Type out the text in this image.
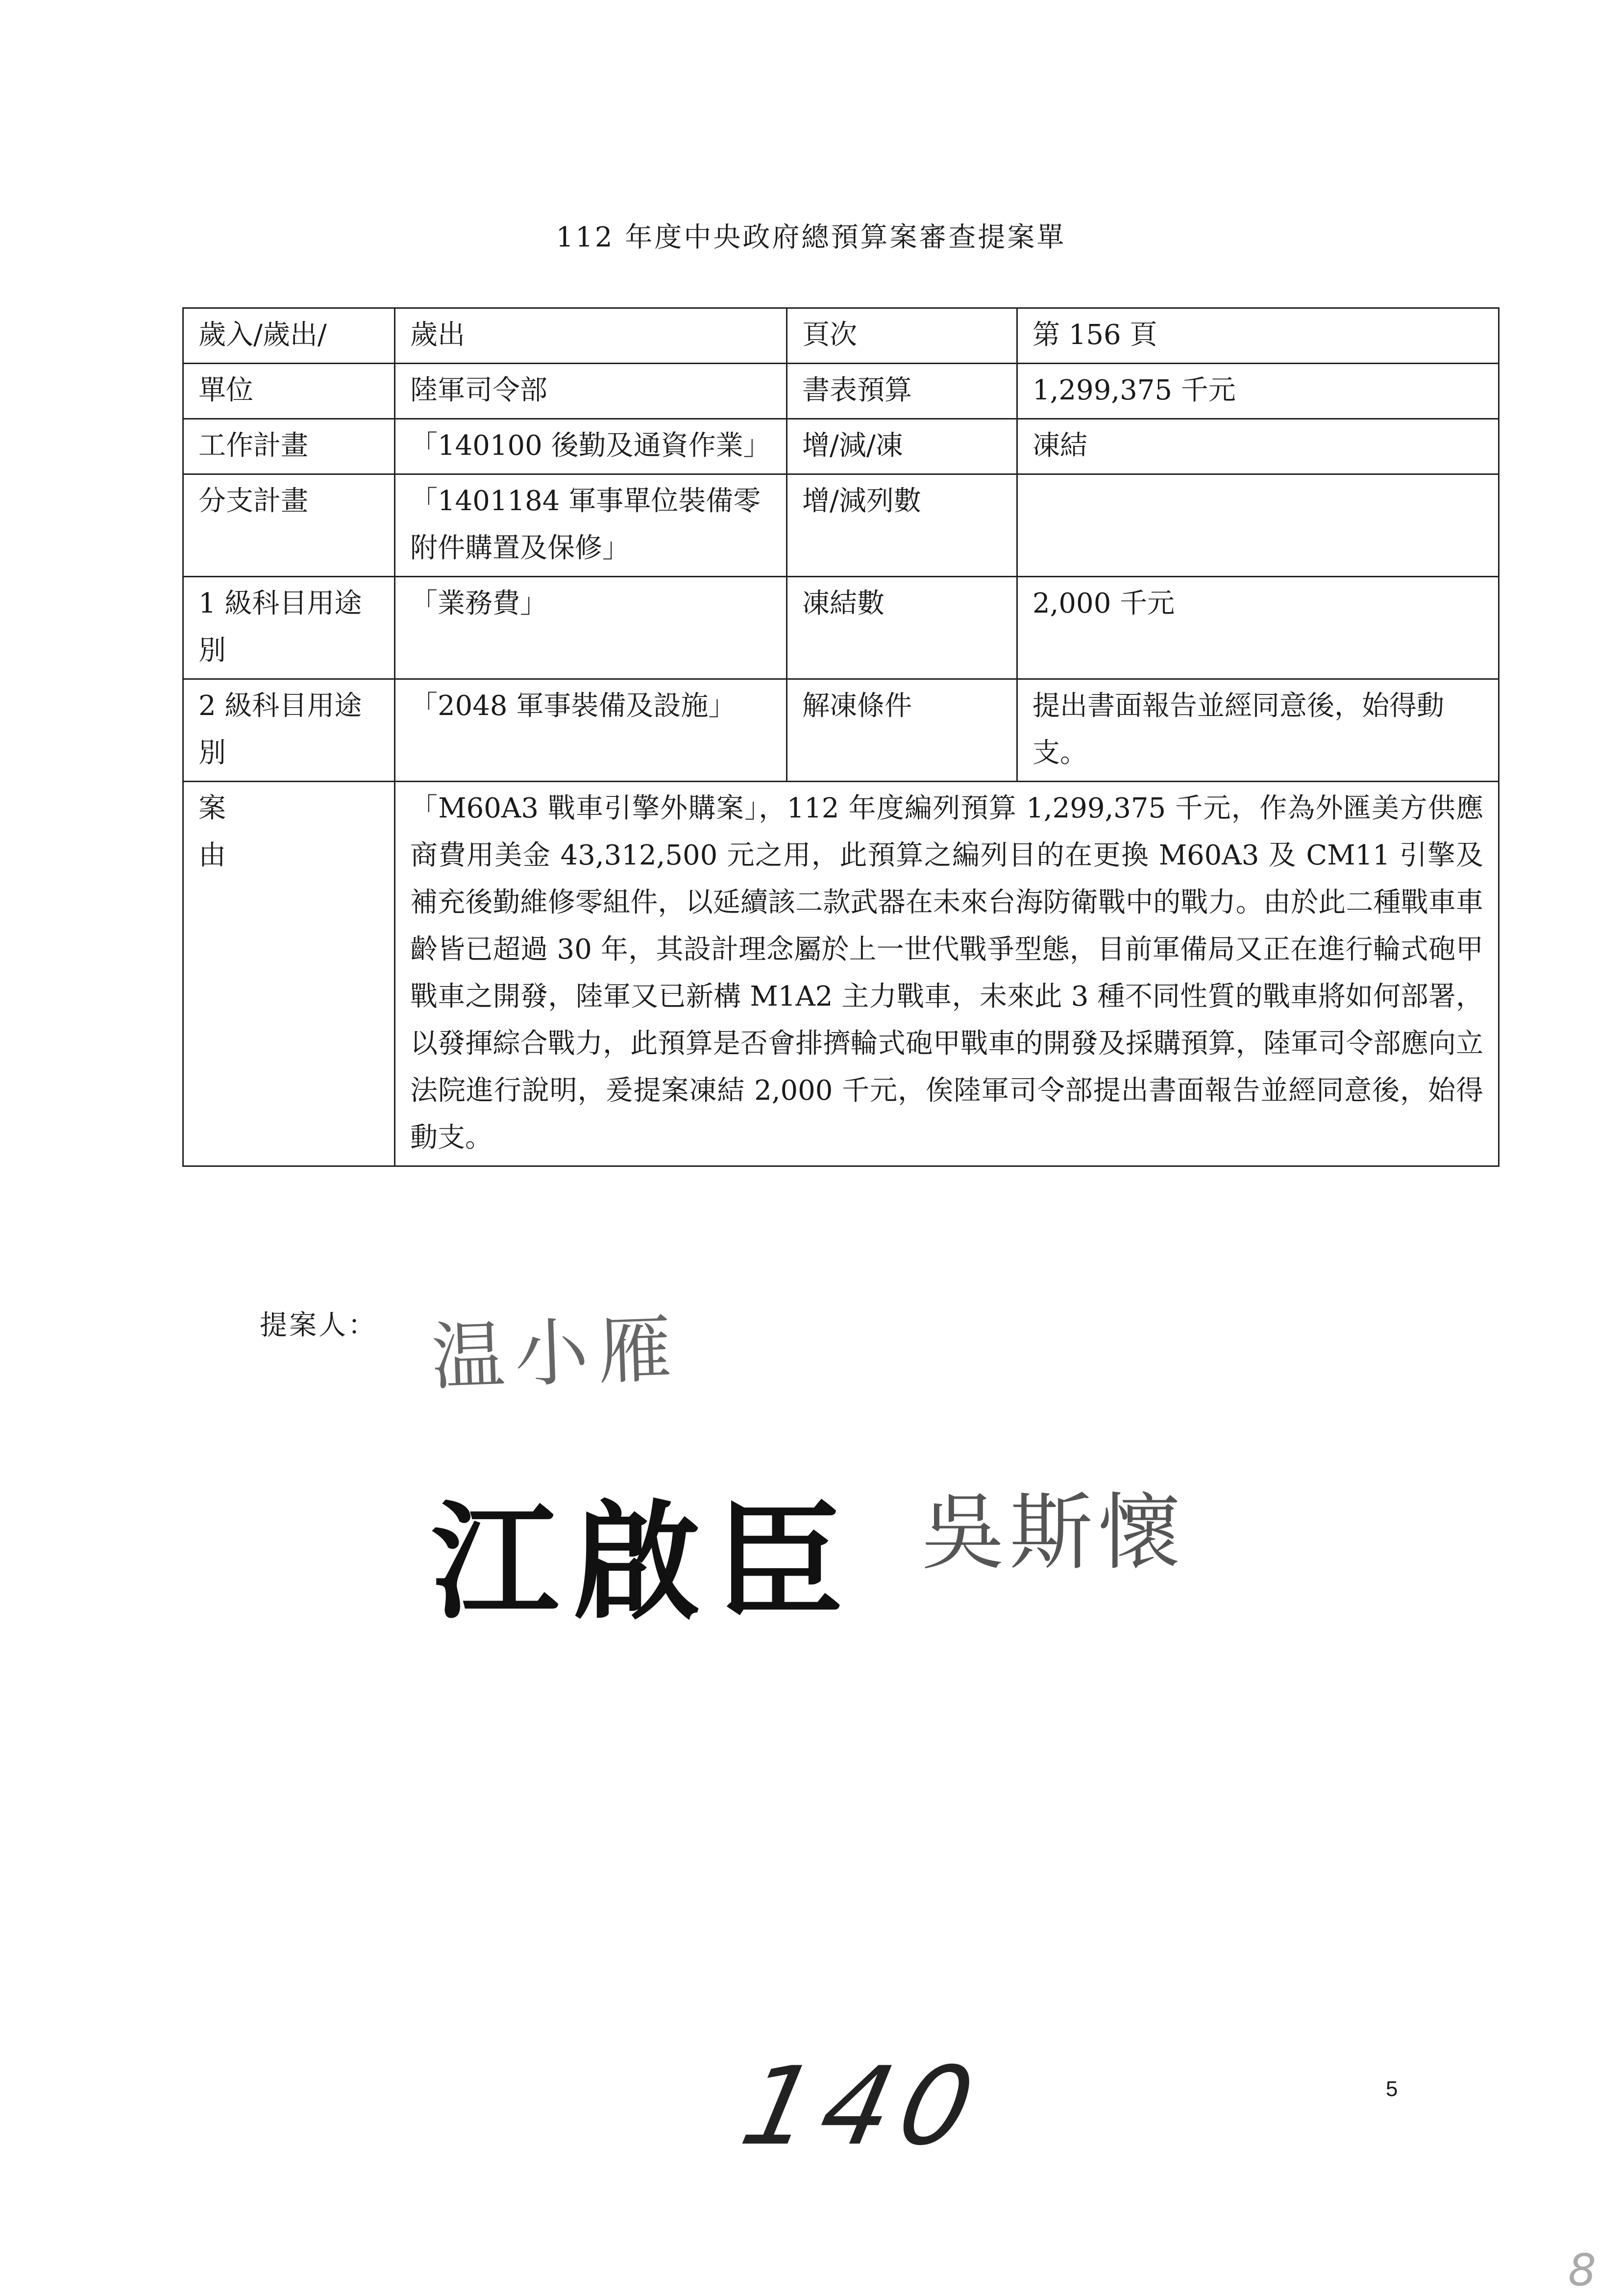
112 年度中央政府總預算案審查提案單
歲入/歲出/	歲出	頁次	第 156 頁
單位	陸軍司令部	書表預算	1,299,375 千元
工作計畫	「140100 後勤及通資作業」	增/減/凍	凍結
分支計畫	「1401184 軍事單位裝備零附件購置及保修」	增/減列數	
1 級科目用途別	「業務費」	凍結數	2,000 千元
2 級科目用途別	「2048 軍事裝備及設施」	解凍條件	提出書面報告並經同意後，始得動支。
案由	「M60A3 戰車引擎外購案」，112 年度編列預算 1,299,375 千元，作為外匯美方供應商費用美金 43,312,500 元之用，此預算之編列目的在更換 M60A3 及 CM11 引擎及補充後勤維修零組件，以延續該二款武器在未來台海防衛戰中的戰力。由於此二種戰車車齡皆已超過 30 年，其設計理念屬於上一世代戰爭型態，目前軍備局又正在進行輪式砲甲戰車之開發，陸軍又已新構 M1A2 主力戰車，未來此 3 種不同性質的戰車將如何部署，以發揮綜合戰力，此預算是否會排擠輪式砲甲戰車的開發及採購預算，陸軍司令部應向立法院進行說明，爰提案凍結 2,000 千元，俟陸軍司令部提出書面報告並經同意後，始得動支。		
提案人： 温小雁
江啟臣 吳斯懷
140	5
8
